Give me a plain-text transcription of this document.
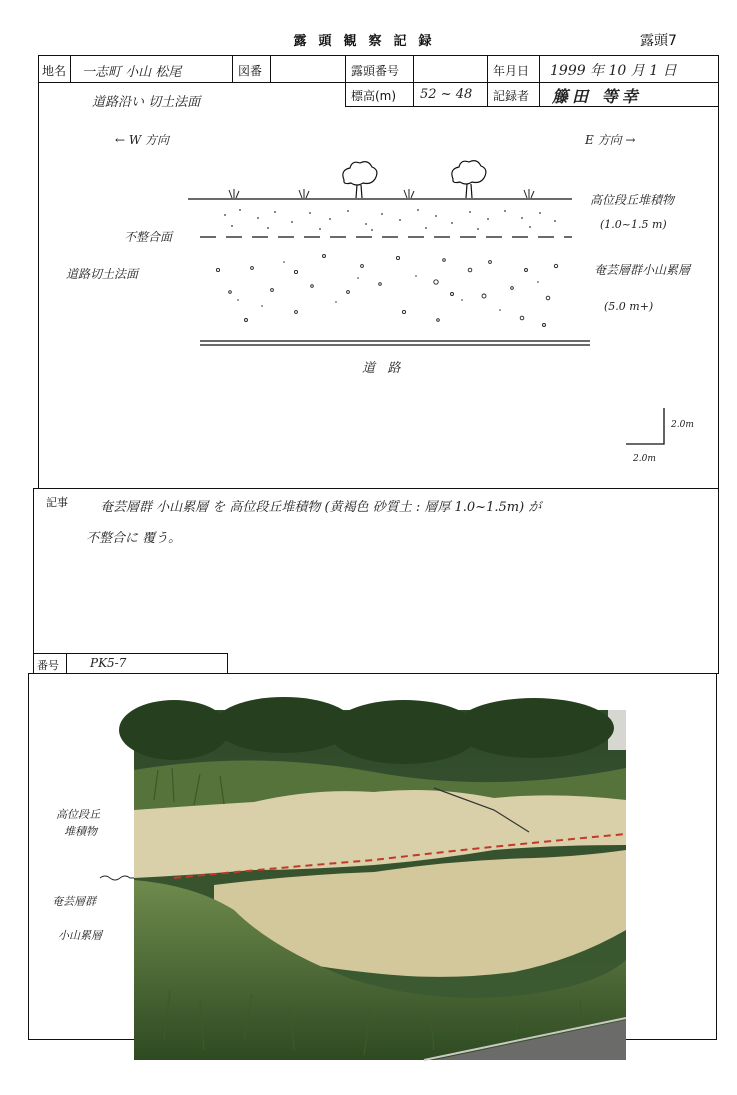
露頭観察記録	露頭7
地名 一志町 小山 松尾	図番	露頭番号	年月日 1999 年 10 月 1 日
標高(m) 52 ~ 48 記録者 籐田 等幸
道路沿い 切土法面
← W 方向	E 方向 →
不整合面
道路切土法面
高位段丘堆積物
(1.0~1.5 m)
奄芸層群小山累層
(5.0 m+)
道   路
2.0m
2.0m
記事 奄芸層群 小山累層 を 高位段丘堆積物 (黄褐色 砂質土 : 層厚 1.0~1.5m) が
不整合に 覆う。
番号	PK5-7
高位段丘
堆積物
奄芸層群
小山累層
